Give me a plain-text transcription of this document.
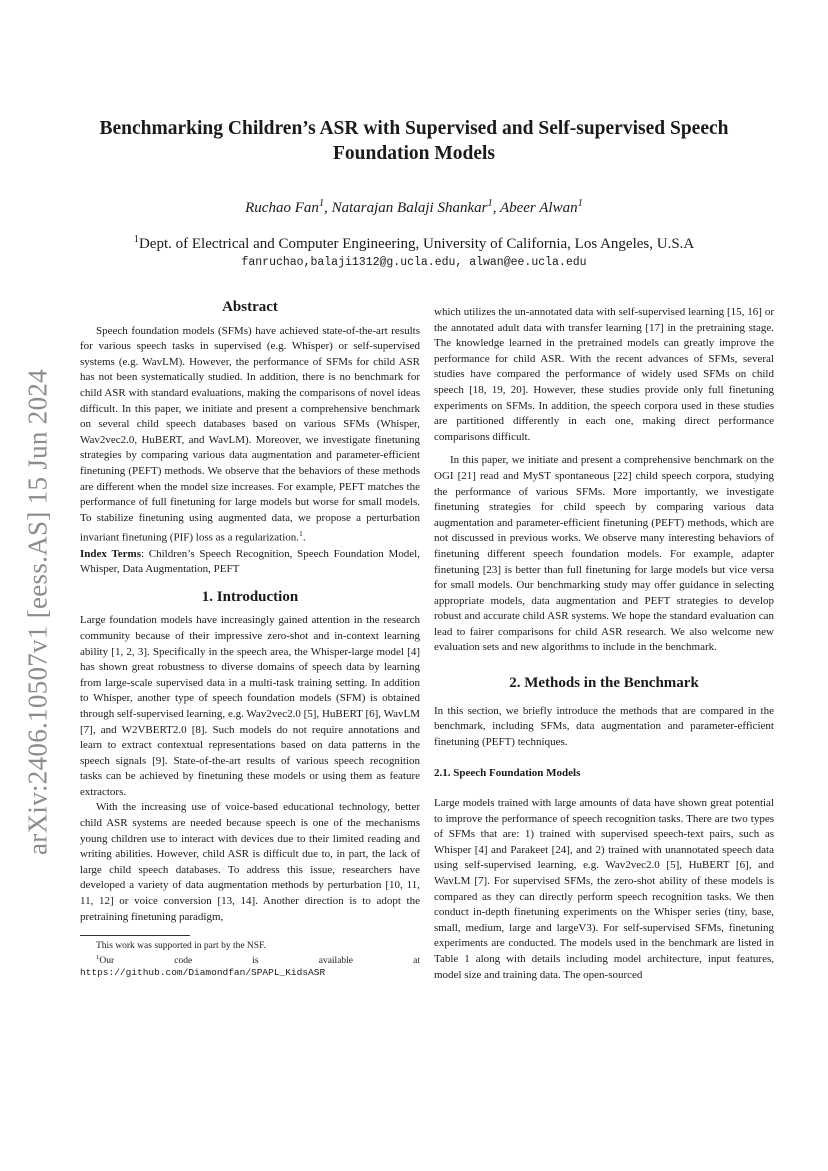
arXiv:2406.10507v1 [eess.AS] 15 Jun 2024
Benchmarking Children’s ASR with Supervised and Self-supervised Speech Foundation Models

Ruchao Fan$^1$, Natarajan Balaji Shankar$^1$, Abeer Alwan$^1$

$^1$Dept. of Electrical and Computer Engineering, University of California, Los Angeles, U.S.A

fanruchao,balaji1312@g.ucla.edu, alwan@ee.ucla.edu

Abstract

Speech foundation models (SFMs) have achieved state-of-the-art results for various speech tasks in supervised (e.g. Whisper) or self-supervised systems (e.g. WavLM). However, the performance of SFMs for child ASR has not been systematically studied. In addition, there is no benchmark for child ASR with standard evaluations, making the comparisons of novel ideas difficult. In this paper, we initiate and present a comprehensive benchmark on several child speech databases based on various SFMs (Whisper, Wav2vec2.0, HuBERT, and WavLM). Moreover, we investigate finetuning strategies by comparing various data augmentation and parameter-efficient finetuning (PEFT) methods. We observe that the behaviors of these methods are different when the model size increases. For example, PEFT matches the performance of full finetuning for large models but worse for small models. To stabilize finetuning using augmented data, we propose a perturbation invariant finetuning (PIF) loss as a regularization.$^1$.

Index Terms: Children’s Speech Recognition, Speech Foundation Model, Whisper, Data Augmentation, PEFT

1. Introduction

Large foundation models have increasingly gained attention in the research community because of their impressive zero-shot and in-context learning ability [1, 2, 3]. Specifically in the speech area, the Whisper-large model [4] has shown great robustness to diverse domains of speech data by learning from large-scale supervised data in a multi-task training setting. In addition to Whisper, another type of speech foundation models (SFM) is obtained through self-supervised learning, e.g. Wav2vec2.0 [5], HuBERT [6], WavLM [7], and W2VBERT2.0 [8]. Such models do not require annotations and learn to extract contextual representations based on data patterns in the speech signals [9]. State-of-the-art results of various speech recognition tasks can be achieved by finetuning these models or using them as feature extractors.

With the increasing use of voice-based educational technology, better child ASR systems are needed because speech is one of the mechanisms young children use to interact with devices due to their limited reading and writing abilities. However, child ASR is difficult due to, in part, the lack of large child speech databases. To address this issue, researchers have developed a variety of data augmentation methods by perturbation [10, 11, 11, 12] or voice conversion [13, 14]. Another direction is to adopt the pretraining finetuning paradigm,

This work was supported in part by the NSF.

$^1$Our code is available at https://github.com/Diamondfan/SPAPL_KidsASR

which utilizes the un-annotated data with self-supervised learning [15, 16] or the annotated adult data with transfer learning [17] in the pretraining stage. The knowledge learned in the pretrained models can greatly improve the performance for child ASR. With the recent advances of SFMs, several studies have compared the performance of widely used SFMs on child speech [18, 19, 20]. However, these studies provide only full finetuning experiments on SFMs. In addition, the speech corpora used in these studies are partitioned differently in each one, making direct performance comparisons difficult.

In this paper, we initiate and present a comprehensive benchmark on the OGI [21] read and MyST spontaneous [22] child speech corpora, studying the performance of various SFMs. More importantly, we investigate finetuning strategies for child speech by comparing various data augmentation and parameter-efficient finetuning (PEFT) methods, which are not discussed in previous works. We observe many interesting behaviors of finetuning different speech foundation models. For example, adapter finetuning [23] is better than full finetuning for large models but vice versa for small models. Our benchmarking study may offer guidance in selecting appropriate models, data augmentation and PEFT strategies to develop robust and accurate child ASR systems. We hope the standard evaluation can lead to fairer comparisons for child ASR research. We also welcome new evaluation sets and new algorithms to include in the benchmark.

2. Methods in the Benchmark

In this section, we briefly introduce the methods that are compared in the benchmark, including SFMs, data augmentation and parameter-efficient finetuning (PEFT) techniques.

2.1. Speech Foundation Models

Large models trained with large amounts of data have shown great potential to improve the performance of speech recognition tasks. There are two types of SFMs that are: 1) trained with supervised speech-text pairs, such as Whisper [4] and Parakeet [24], and 2) trained with unannotated speech data using self-supervised learning, e.g. Wav2vec2.0 [5], HuBERT [6], and WavLM [7]. For supervised SFMs, the zero-shot ability of these models is compared as they can directly perform speech recognition tasks. We then conduct in-depth finetuning experiments on the Whisper series (tiny, base, small, medium, large and largeV3). For self-supervised SFMs, finetuning experiments are conducted. The models used in the benchmark are listed in Table 1 along with details including model architecture, input features, model size and training data. The open-sourced
